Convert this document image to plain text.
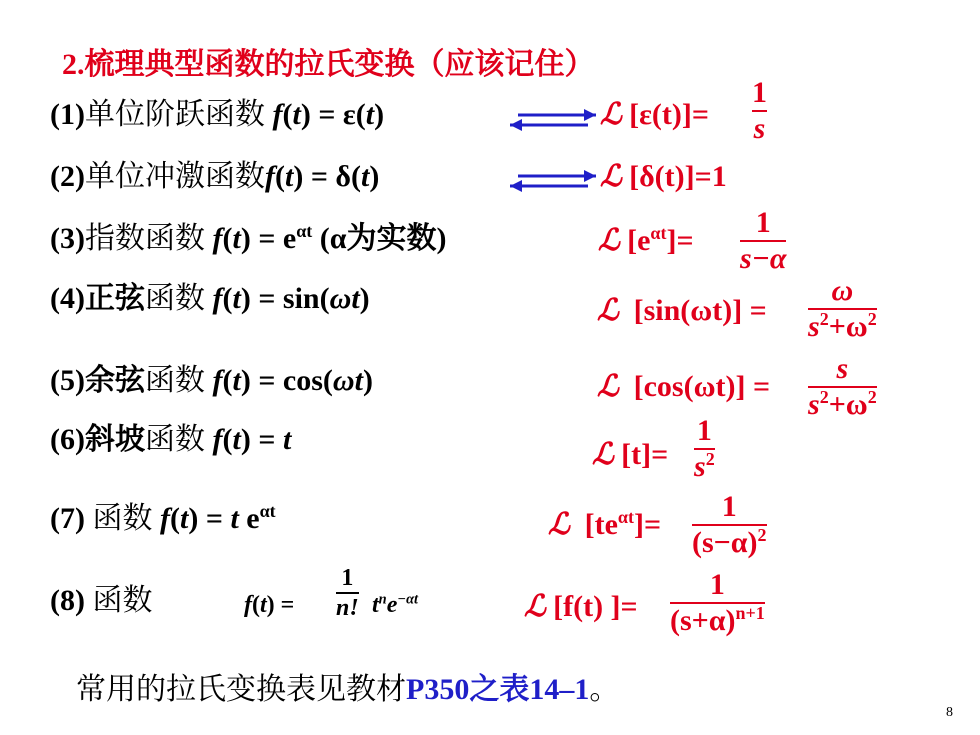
2.梳理典型函数的拉氏变换（应该记住）
(1)单位阶跃函数 f(t) = ε(t)	ℒ [ε(t)]=
1
s
(2)单位冲激函数f(t) = δ(t)	ℒ [δ(t)]=1
(3)指数函数 $f(t) = e^{\alpha t}$ (α为实数)	ℒ $[e^{\alpha t}]=$
1
s−α
(4)正弦函数 f(t) = sin(ωt)	ℒ [sin(ωt)] =
ω
$s^2+\omega^2$
(5)余弦函数 f(t) = cos(ωt)	ℒ [cos(ωt)] =
s
$s^2+\omega^2$
(6)斜坡函数 f(t) = t	ℒ [t]=
1
$s^2$
(7) 函数 f(t) = t $e^{\alpha t}$	ℒ $[te^{\alpha t}]=$
1
$(s-\alpha)^2$
(8) 函数	f(t) =
1
n! $t^ne^{-\alpha t}$	ℒ [f(t) ]=
1
$(s+\alpha)^{n+1}$
常用的拉氏变换表见教材P350之表14–1。
8
